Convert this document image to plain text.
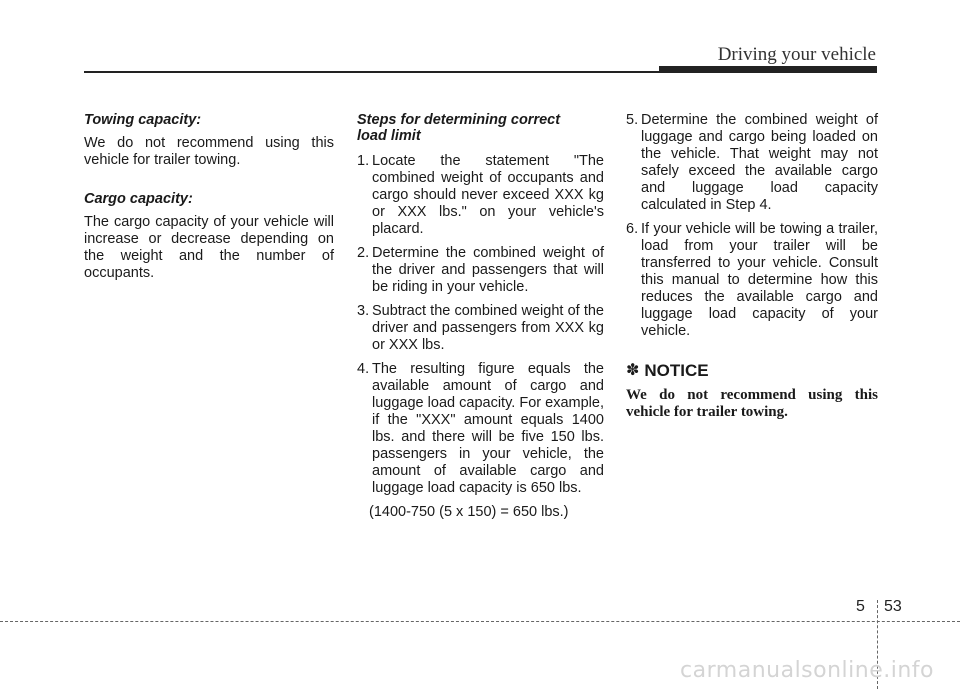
Driving your vehicle
Towing capacity:
We do not recommend using this vehicle for trailer towing.
Cargo capacity:
The cargo capacity of your vehicle will increase or decrease depending on the weight and the number of occupants.
Steps for determining correct
load limit
1. Locate the statement "The combined weight of occupants and cargo should never exceed XXX kg or XXX lbs." on your vehicle's placard.
2. Determine the combined weight of the driver and passengers that will be riding in your vehicle.
3. Subtract the combined weight of the driver and passengers from XXX kg or XXX lbs.
4. The resulting figure equals the available amount of cargo and luggage load capacity. For example, if the "XXX" amount equals 1400 lbs. and there will be five 150 lbs. passengers in your vehicle, the amount of available cargo and luggage load capacity is 650 lbs.
(1400-750 (5 x 150) = 650 lbs.)
5. Determine the combined weight of luggage and cargo being loaded on the vehicle. That weight may not safely exceed the available cargo and luggage load capacity calculated in Step 4.
6. If your vehicle will be towing a trailer, load from your trailer will be transferred to your vehicle. Consult this manual to determine how this reduces the available cargo and luggage load capacity of your vehicle.
✽ NOTICE
We do not recommend using this vehicle for trailer towing.
5 53
carmanualsonline.info
